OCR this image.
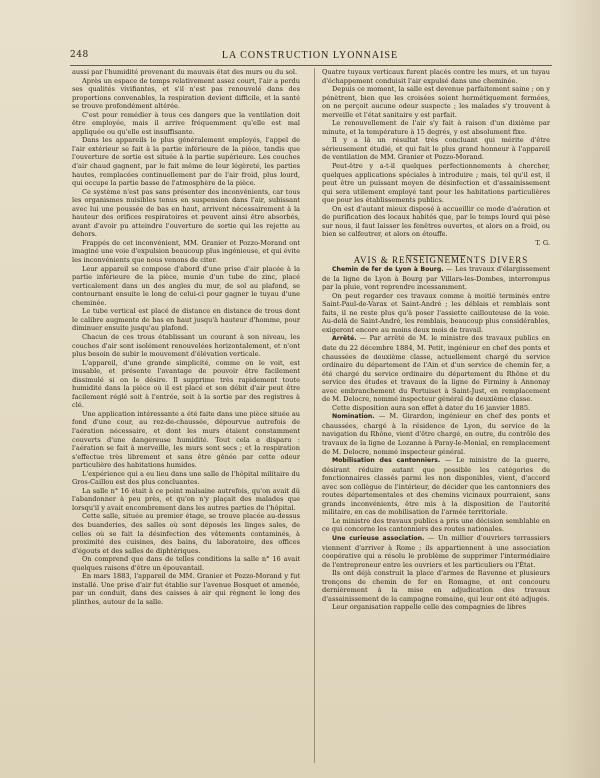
248	LA CONSTRUCTION LYONNAISE

aussi par l'humidité provenant du mauvais état des murs ou du sol.

Après un espace de temps relativement assez court, l'air a perdu ses qualités vivifiantes, et s'il n'est pas renouvelé dans des proportions convenables, la respiration devient difficile, et la santé se trouve profondément altérée.

C'est pour remédier à tous ces dangers que la ventilation doit être employée, mais il arrive fréquemment qu'elle est mal appliquée ou qu'elle est insuffisante.

Dans les appareils le plus généralement employés, l'appel de l'air extérieur se fait à la partie inférieure de la pièce, tandis que l'ouverture de sortie est située à la partie supérieure. Les couches d'air chaud gagnent, par le fait même de leur légèreté, les parties hautes, remplacées continuellement par de l'air froid, plus lourd, qui occupe la partie basse de l'atmosphère de la pièce.

Ce système n'est pas sans présenter des inconvénients, car tous les organismes nuisibles tenus en suspension dans l'air, subissant avec lui une poussée de bas en haut, arrivent nécessairement à la hauteur des orifices respiratoires et peuvent ainsi être absorbés, avant d'avoir pu atteindre l'ouverture de sortie qui les rejette au dehors.

Frappés de cet inconvénient, MM. Granier et Pozzo-Morand ont imaginé une voie d'expulsion beaucoup plus ingénieuse, et qui évite les inconvénients que nous venons de citer.

Leur appareil se compose d'abord d'une prise d'air placée à la partie inférieure de la pièce, munie d'un tube de zinc, placé verticalement dans un des angles du mur, de sol au plafond, se contournant ensuite le long de celui-ci pour gagner le tuyau d'une cheminée.

Le tube vertical est placé de distance en distance de trous dont le calibre augmente de bas en haut jusqu'à hauteur d'homme, pour diminuer ensuite jusqu'au plafond.

Chacun de ces trous établissant un courant à son niveau, les couches d'air sont isolément renouvelées horizontalement, et n'ont plus besoin de subir le mouvement d'élévation verticale.

L'appareil, d'une grande simplicité, comme on le voit, est inusable, et présente l'avantage de pouvoir être facilement dissimulé si on le désire. Il supprime très rapidement toute humidité dans la pièce où il est placé et son débit d'air peut être facilement réglé soit à l'entrée, soit à la sortie par des registres à clé.

Une application intéressante a été faite dans une pièce située au fond d'une cour, au rez-de-chaussée, dépourvue autrefois de l'aération nécessaire, et dont les murs étaient constamment couverts d'une dangereuse humidité. Tout cela a disparu : l'aération se fait à merveille, les murs sont secs ; et la respiration s'effectue très librement et sans être gênée par cette odeur particulière des habitations humides.

L'expérience qui a eu lieu dans une salle de l'hôpital militaire du Gros-Caillou est des plus concluantes.

La salle n° 16 était à ce point malsaine autrefois, qu'on avait dû l'abandonner à peu près, et qu'on n'y plaçait des malades que lorsqu'il y avait encombrement dans les autres parties de l'hôpital.

Cette salle, située au premier étage, se trouve placée au-dessus des buanderies, des salles où sont déposés les linges sales, de celles où se fait la désinfection des vêtements contaminés, à proximité des cuisines, des bains, du laboratoire, des offices d'égouts et des salles de diphtériques.

On comprend que dans de telles conditions la salle n° 16 avait quelques raisons d'être un épouvantail.

En mars 1883, l'appareil de MM. Granier et Pozzo-Morand y fut installé. Une prise d'air fut établie sur l'avenue Bosquet et amenée, par un conduit, dans des caisses à air qui règnent le long des plinthes, autour de la salle.

Quatre tuyaux verticaux furent placés contre les murs, et un tuyau d'échappement conduisit l'air expulsé dans une cheminée.

Depuis ce moment, la salle est devenue parfaitement saine ; on y pénètrent, bien que les croisées soient hermétiquement fermées, on ne perçoit aucune odeur suspecte ; les malades s'y trouvent à merveille et l'état sanitaire y est parfait.

Le renouvellement de l'air s'y fait à raison d'un dixième par minute, et la température à 15 degrés, y est absolument fixe.

Il y a là un résultat très concluant qui mérite d'être sérieusement étudié, et qui fait le plus grand honneur à l'appareil de ventilation de MM. Granier et Pozzo-Morand.

Peut-être y a-t-il quelques perfectionnements à chercher, quelques applications spéciales à introduire ; mais, tel qu'il est, il peut être un puissant moyen de désinfection et d'assainissement qui sera utilement employé tant pour les habitations particulières que pour les établissements publics.

On est d'autant mieux disposé à accueillir ce mode d'aération et de purification des locaux habités que, par le temps lourd qui pèse sur nous, il faut laisser les fenêtres ouvertes, et alors on a froid, ou bien se calfeutrer, et alors on étouffe.

T. G.

AVIS & RENSEIGNEMENTS DIVERS

Chemin de fer de Lyon à Bourg. — Les travaux d'élargissement de la ligne de Lyon à Bourg par Villars-les-Dombes, interrompus par la pluie, vont reprendre incessamment.

On peut regarder ces travaux comme à moitié terminés entre Saint-Paul-de-Varax et Saint-André ; les déblais et remblais sont faits, il ne reste plus qu'à poser l'assiette caillouteuse de la voie. Au-delà de Saint-André, les remblais, beaucoup plus considérables, exigeront encore au moins deux mois de travail.

Arrêté. — Par arrêté de M. le ministre des travaux publics en date du 22 décembre 1884, M. Petit, ingénieur en chef des ponts et chaussées de deuxième classe, actuellement chargé du service ordinaire du département de l'Ain et d'un service de chemin fer, a été chargé du service ordinaire du département du Rhône et du service des études et travaux de la ligne de Firminy à Annonay avec embranchement du Pertuiset à Saint-Just, en remplacement de M. Delocre, nommé inspecteur général de deuxième classe.

Cette disposition aura son effet à dater du 16 janvier 1885.

Nomination. — M. Girardon, ingénieur en chef des ponts et chaussées, chargé à la résidence de Lyon, du service de la navigation du Rhône, vient d'être chargé, en outre, du contrôle des travaux de la ligne de Lozanne à Paray-le-Monial, en remplacement de M. Delocre, nommé inspecteur général.

Mobilisation des cantonniers. — Le ministre de la guerre, désirant réduire autant que possible les catégories de fonctionnaires classés parmi les non disponibles, vient, d'accord avec son collègue de l'intérieur, de décider que les cantonniers des routes départementales et des chemins vicinaux pourraient, sans grands inconvénients, être mis à la disposition de l'autorité militaire, en cas de mobilisation de l'armée territoriale.

Le ministre des travaux publics a pris une décision semblable en ce qui concerne les cantonniers des routes nationales.

Une curieuse association. — Un millier d'ouvriers terrassiers viennent d'arriver à Rome ; ils appartiennent à une association coopérative qui a résolu le problème de supprimer l'intermédiaire de l'entrepreneur entre les ouvriers et les particuliers ou l'État.

Ils ont déjà construit la place d'armes de Ravenne et plusieurs tronçons de chemin de fer en Romagne, et ont concouru dernièrement à la mise en adjudication des travaux d'assainissement de la campagne romaine, qui leur ont été adjugés.

Leur organisation rappelle celle des compagnies de libres
